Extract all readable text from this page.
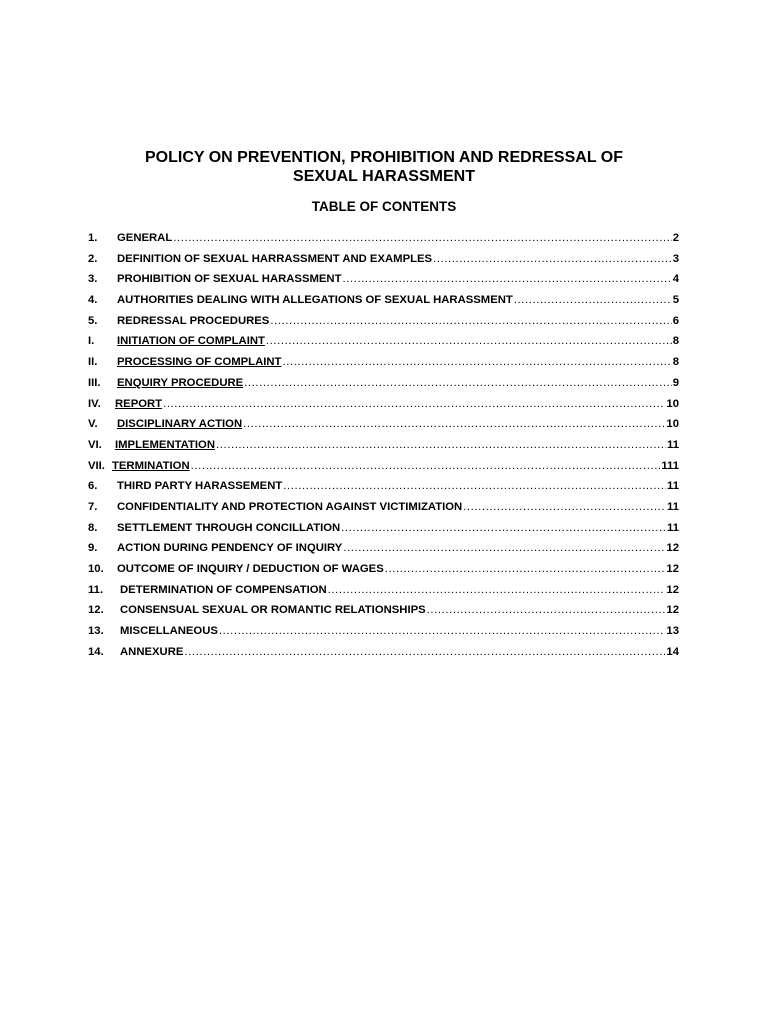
POLICY ON PREVENTION, PROHIBITION AND REDRESSAL OF
SEXUAL HARASSMENT
TABLE OF CONTENTS
1.	GENERAL .....	2
2.	DEFINITION OF SEXUAL HARRASSMENT AND EXAMPLES .....	3
3.	PROHIBITION OF SEXUAL HARASSMENT .....	4
4.	AUTHORITIES DEALING WITH ALLEGATIONS OF SEXUAL HARASSMENT .....	5
5.	REDRESSAL PROCEDURES .....	6
I.	INITIATION OF COMPLAINT .....	8
II.	PROCESSING OF COMPLAINT .....	8
III.	ENQUIRY PROCEDURE .....	9
IV.	REPORT .....	10
V.	DISCIPLINARY ACTION .....	10
VI.	IMPLEMENTATION .....	11
VII. TERMINATION .....	111
6.	THIRD PARTY HARASSEMENT .....	11
7.	CONFIDENTIALITY AND PROTECTION AGAINST VICTIMIZATION .....	11
8.	SETTLEMENT THROUGH CONCILLATION .....	11
9.	ACTION DURING PENDENCY OF INQUIRY .....	12
10.	OUTCOME OF INQUIRY / DEDUCTION OF WAGES .....	12
11.	DETERMINATION OF COMPENSATION .....	12
12.	CONSENSUAL SEXUAL OR ROMANTIC RELATIONSHIPS .....	12
13.	MISCELLANEOUS .....	13
14.	ANNEXURE .....	14
